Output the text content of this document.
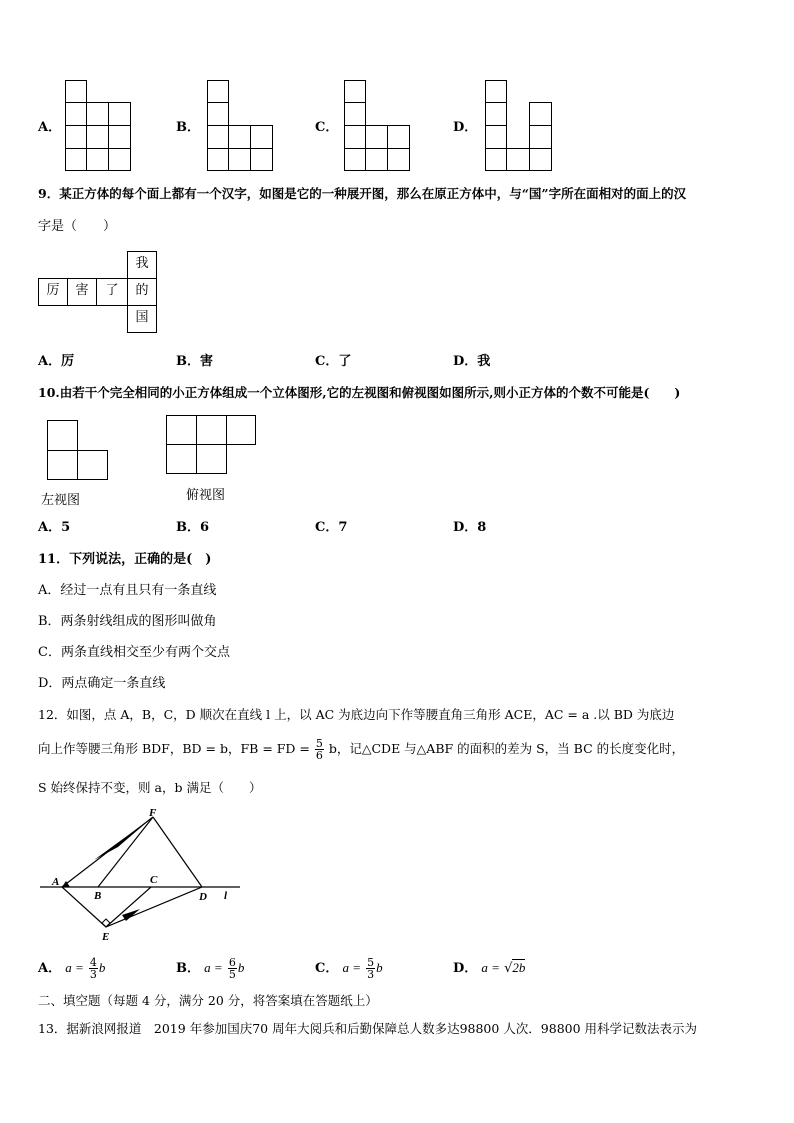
A．	B．	C．	D．
9．某正方体的每个面上都有一个汉字，如图是它的一种展开图，那么在原正方体中，与“国”字所在面相对的面上的汉
字是（　　）
厉	害	了
我
的
国
A．厉	B．害	C．了	D．我
10.由若干个完全相同的小正方体组成一个立体图形,它的左视图和俯视图如图所示,则小正方体的个数不可能是(　　)
左视图	俯视图
A．5	B．6	C．7	D．8
11．下列说法，正确的是(　)
A．经过一点有且只有一条直线
B．两条射线组成的图形叫做角
C．两条直线相交至少有两个交点
D．两点确定一条直线
12．如图，点 A，B，C，D 顺次在直线 l 上，以 AC 为底边向下作等腰直角三角形 ACE，AC = a .以 BD 为底边
向上作等腰三角形 BDF，BD = b，FB = FD = $\frac{5}{6}$ b，记△CDE 与△ABF 的面积的差为 S，当 BC 的长度变化时，
S 始终保持不变，则 a，b 满足（　　）
A
B
C
D
E
F
l
A． $a = \frac{4}{3}$ b	B． $a = \frac{6}{5}$ b	C． $a = \frac{5}{3}$ b	D． a = √2b
二、填空题（每题 4 分，满分 20 分，将答案填在答题纸上）
13．据新浪网报道　2019 年参加国庆70 周年大阅兵和后勤保障总人数多达98800 人次．98800 用科学记数法表示为
